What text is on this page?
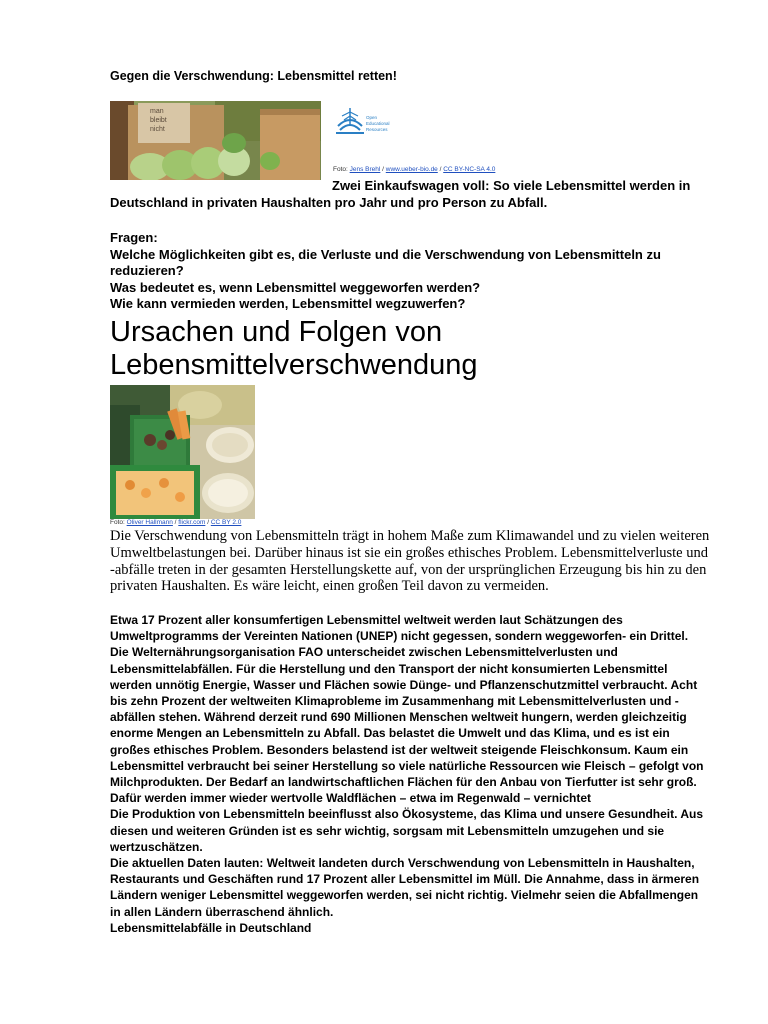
Gegen die Verschwendung: Lebensmittel retten!
man
bleibt
nicht
Open
Educational
Resources
Foto: Jens Brehl / www.ueber-bio.de / CC BY-NC-SA 4.0
Zwei Einkaufswagen voll: So viele Lebensmittel werden in Deutschland in privaten Haushalten pro Jahr und pro Person zu Abfall.

Fragen:

Welche Möglichkeiten gibt es, die Verluste und die Verschwendung von Lebensmitteln zu reduzieren?

Was bedeutet es, wenn Lebensmittel weggeworfen werden?

Wie kann vermieden werden, Lebensmittel wegzuwerfen?

Ursachen und Folgen von Lebensmittelverschwendung
Foto: Oliver Hallmann / flickr.com / CC BY 2.0
Die Verschwendung von Lebensmitteln trägt in hohem Maße zum Klimawandel und zu vielen weiteren Umweltbelastungen bei. Darüber hinaus ist sie ein großes ethisches Problem. Lebensmittelverluste und -abfälle treten in der gesamten Herstellungskette auf, von der ursprünglichen Erzeugung bis hin zu den privaten Haushalten. Es wäre leicht, einen großen Teil davon zu vermeiden.

Etwa 17 Prozent aller konsumfertigen Lebensmittel weltweit werden laut Schätzungen des Umweltprogramms der Vereinten Nationen (UNEP) nicht gegessen, sondern weggeworfen- ein Drittel. Die Welternährungsorganisation FAO unterscheidet zwischen Lebensmittelverlusten und Lebensmittelabfällen. Für die Herstellung und den Transport der nicht konsumierten Lebensmittel werden unnötig Energie, Wasser und Flächen sowie Dünge- und Pflanzenschutzmittel verbraucht. Acht bis zehn Prozent der weltweiten Klimaprobleme im Zusammenhang mit Lebensmittelverlusten und -abfällen stehen. Während derzeit rund 690 Millionen Menschen weltweit hungern, werden gleichzeitig enorme Mengen an Lebensmitteln zu Abfall. Das belastet die Umwelt und das Klima, und es ist ein großes ethisches Problem. Besonders belastend ist der weltweit steigende Fleischkonsum. Kaum ein Lebensmittel verbraucht bei seiner Herstellung so viele natürliche Ressourcen wie Fleisch – gefolgt von Milchprodukten. Der Bedarf an landwirtschaftlichen Flächen für den Anbau von Tierfutter ist sehr groß. Dafür werden immer wieder wertvolle Waldflächen – etwa im Regenwald – vernichtet

Die Produktion von Lebensmitteln beeinflusst also Ökosysteme, das Klima und unsere Gesundheit. Aus diesen und weiteren Gründen ist es sehr wichtig, sorgsam mit Lebensmitteln umzugehen und sie wertzuschätzen.

Die aktuellen Daten lauten: Weltweit landeten durch Verschwendung von Lebensmitteln in Haushalten, Restaurants und Geschäften rund 17 Prozent aller Lebensmittel im Müll. Die Annahme, dass in ärmeren Ländern weniger Lebensmittel weggeworfen werden, sei nicht richtig. Vielmehr seien die Abfallmengen in allen Ländern überraschend ähnlich.

Lebensmittelabfälle in Deutschland
